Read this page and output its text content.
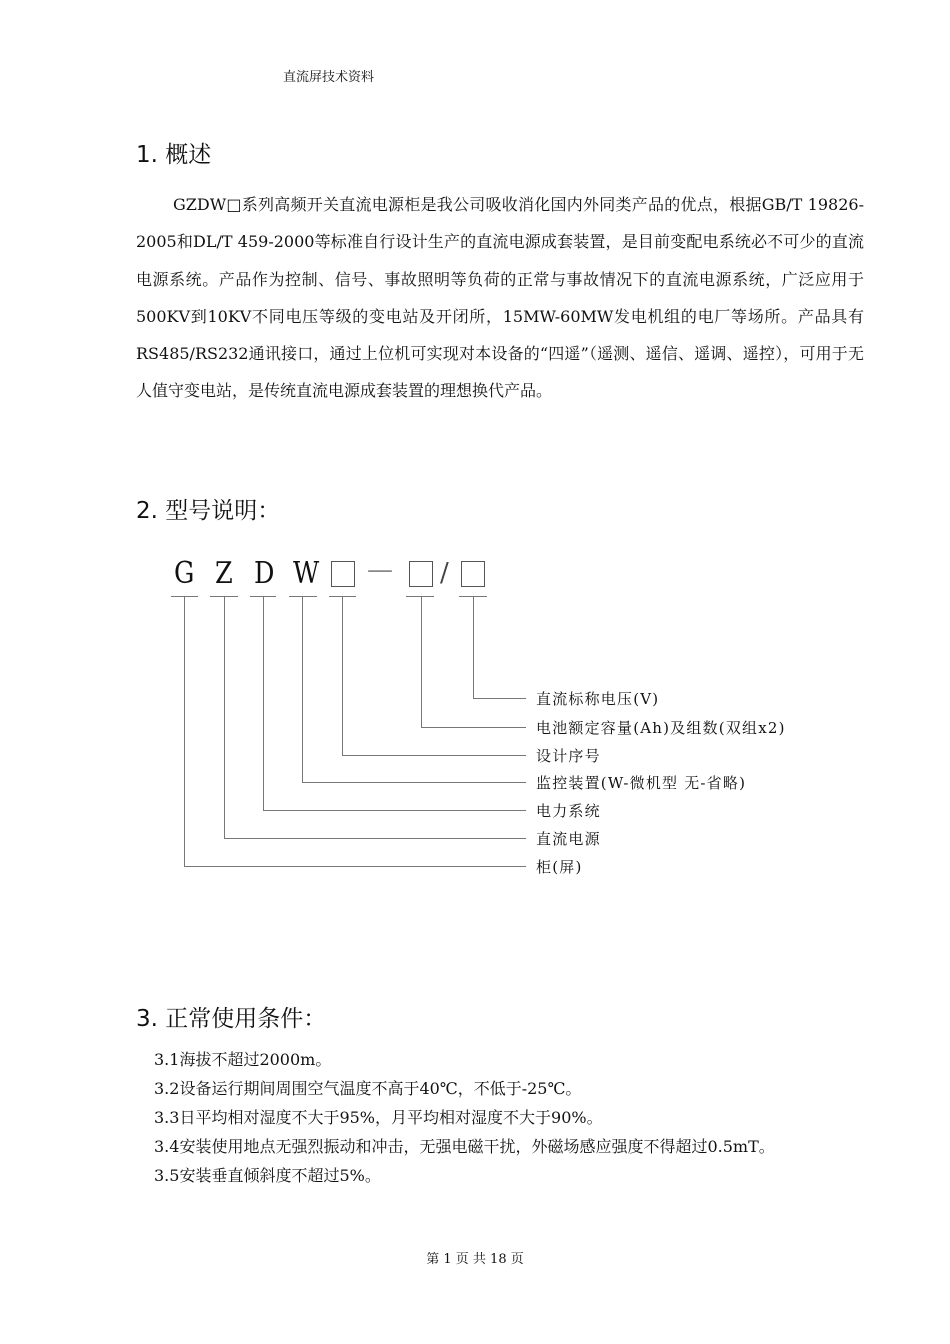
直流屏技术资料
1. 概述

GZDW□系列高频开关直流电源柜是我公司吸收消化国内外同类产品的优点，根据GB/T 19826-2005和DL/T 459-2000等标准自行设计生产的直流电源成套装置，是目前变配电系统必不可少的直流电源系统。产品作为控制、信号、事故照明等负荷的正常与事故情况下的直流电源系统，广泛应用于500KV到10KV不同电压等级的变电站及开闭所，15MW-60MW发电机组的电厂等场所。产品具有RS485/RS232通讯接口，通过上位机可实现对本设备的“四遥”（遥测、遥信、遥调、遥控），可用于无人值守变电站，是传统直流电源成套装置的理想换代产品。

2. 型号说明：
G Z D W — /
直流标称电压(V)
电池额定容量(Ah)及组数(双组x2)
设计序号
监控装置(W-微机型 无-省略)
电力系统
直流电源
柜(屏)
3. 正常使用条件：
3.1海拔不超过2000m。
3.2设备运行期间周围空气温度不高于40℃，不低于-25℃。
3.3日平均相对湿度不大于95%，月平均相对湿度不大于90%。
3.4安装使用地点无强烈振动和冲击，无强电磁干扰，外磁场感应强度不得超过0.5mT。
3.5安装垂直倾斜度不超过5%。
第 1 页 共 18 页
